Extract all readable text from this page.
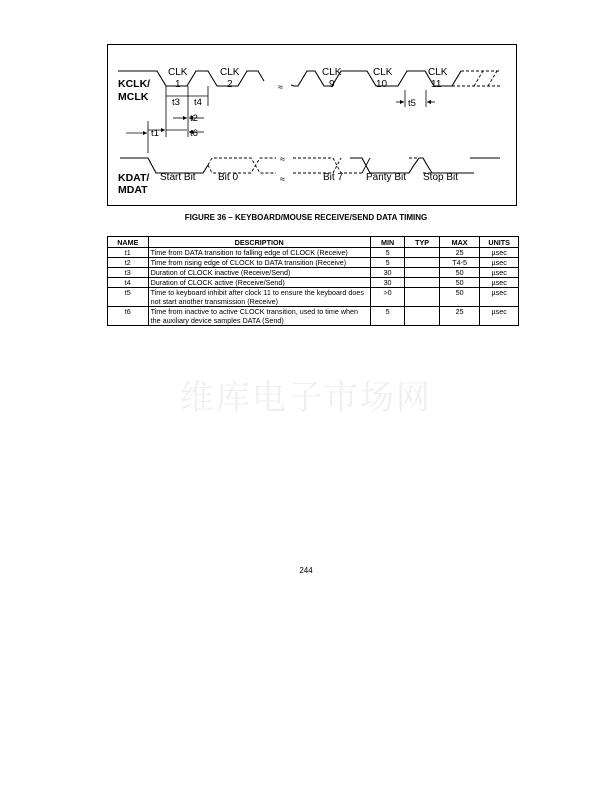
KCLK/
MCLK
KDAT/
MDAT
CLK
1
CLK
2
CLK
9
CLK
10
CLK
11
≈
t3 t4
t2
t1	t6
t5
≈
≈
Start Bit Bit 0	Bit 7 Parity Bit Stop Bit
FIGURE 36 – KEYBOARD/MOUSE RECEIVE/SEND DATA TIMING
NAME	DESCRIPTION	MIN	TYP	MAX	UNITS
t1	Time from DATA transition to falling edge of CLOCK (Receive)	5		25	µsec
t2	Time from rising edge of CLOCK to DATA transition (Receive)	5		T4-5	µsec
t3	Duration of CLOCK inactive (Receive/Send)	30		50	µsec
t4	Duration of CLOCK active (Receive/Send)	30		50	µsec
t5	Time to keyboard inhibit after clock 11 to ensure the keyboard does not start another transmission (Receive)	>0		50	µsec
t6	Time from inactive to active CLOCK transition, used to time when the auxiliary device samples DATA (Send)	5		25	µsec
维库电子市场网
244
